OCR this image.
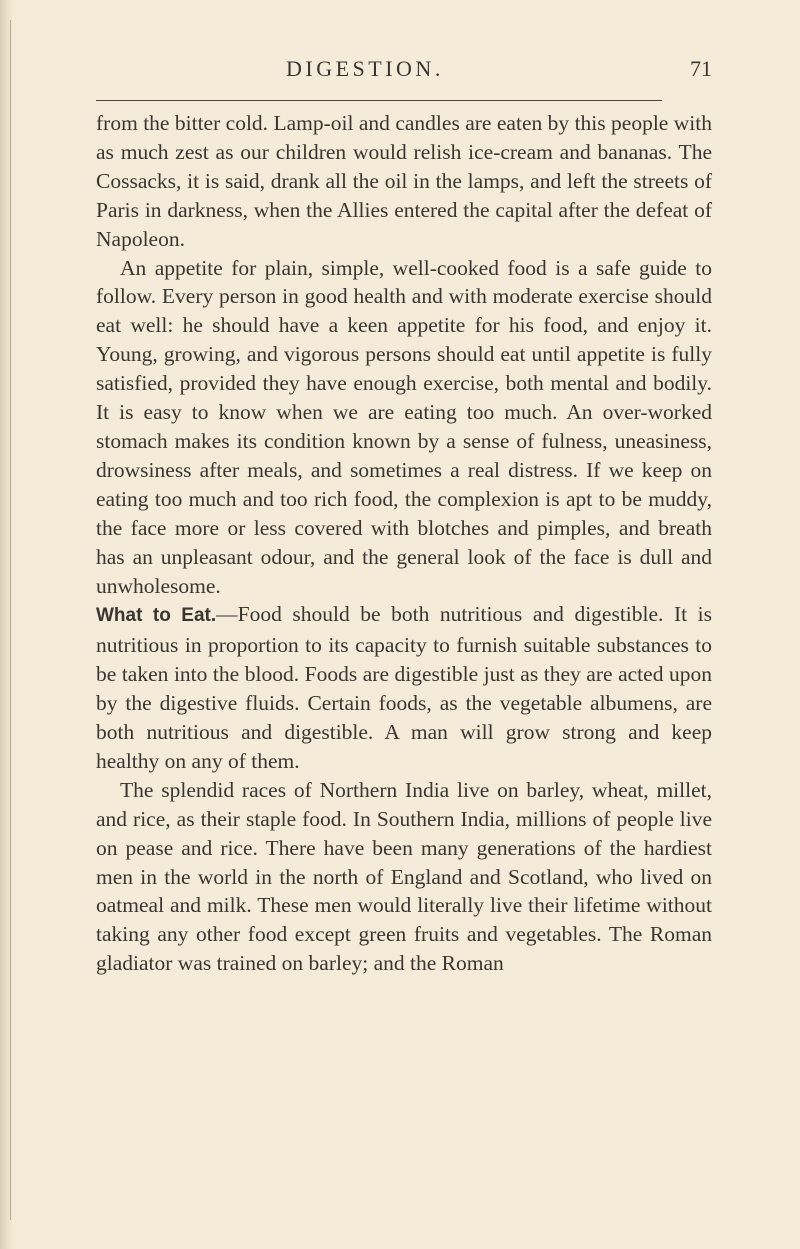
DIGESTION.	71

from the bitter cold. Lamp-oil and candles are eaten by this people with as much zest as our children would relish ice-cream and bananas. The Cossacks, it is said, drank all the oil in the lamps, and left the streets of Paris in darkness, when the Allies entered the capital after the defeat of Napoleon.

An appetite for plain, simple, well-cooked food is a safe guide to follow. Every person in good health and with moderate exercise should eat well: he should have a keen appetite for his food, and enjoy it. Young, growing, and vigorous persons should eat until appetite is fully satisfied, provided they have enough exercise, both mental and bodily. It is easy to know when we are eating too much. An over-worked stomach makes its condition known by a sense of fulness, uneasiness, drowsiness after meals, and sometimes a real distress. If we keep on eating too much and too rich food, the complexion is apt to be muddy, the face more or less covered with blotches and pimples, and breath has an unpleasant odour, and the general look of the face is dull and unwholesome.

What to Eat.—Food should be both nutritious and digestible. It is nutritious in proportion to its capacity to furnish suitable substances to be taken into the blood. Foods are digestible just as they are acted upon by the digestive fluids. Certain foods, as the vegetable albumens, are both nutritious and digestible. A man will grow strong and keep healthy on any of them.

The splendid races of Northern India live on barley, wheat, millet, and rice, as their staple food. In Southern India, millions of people live on pease and rice. There have been many generations of the hardiest men in the world in the north of England and Scotland, who lived on oatmeal and milk. These men would literally live their lifetime without taking any other food except green fruits and vegetables. The Roman gladiator was trained on barley; and the Roman
